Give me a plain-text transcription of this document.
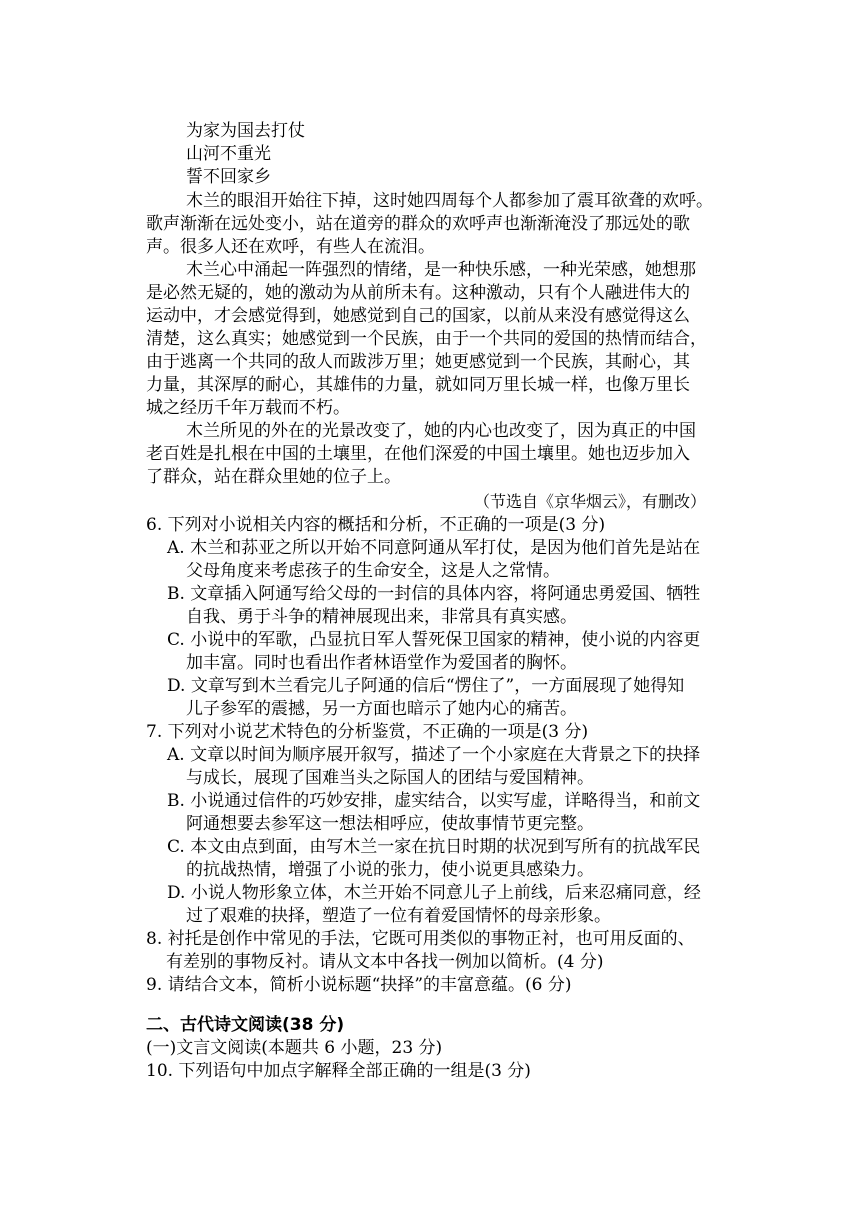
为家为国去打仗
山河不重光
誓不回家乡
木兰的眼泪开始往下掉，这时她四周每个人都参加了震耳欲聋的欢呼。
歌声渐渐在远处变小，站在道旁的群众的欢呼声也渐渐淹没了那远处的歌
声。很多人还在欢呼，有些人在流泪。
木兰心中涌起一阵强烈的情绪，是一种快乐感，一种光荣感，她想那
是必然无疑的，她的激动为从前所未有。这种激动，只有个人融进伟大的
运动中，才会感觉得到，她感觉到自己的国家，以前从来没有感觉得这么
清楚，这么真实；她感觉到一个民族，由于一个共同的爱国的热情而结合，
由于逃离一个共同的敌人而跋涉万里；她更感觉到一个民族，其耐心，其
力量，其深厚的耐心，其雄伟的力量，就如同万里长城一样，也像万里长
城之经历千年万载而不朽。
木兰所见的外在的光景改变了，她的内心也改变了，因为真正的中国
老百姓是扎根在中国的土壤里，在他们深爱的中国土壤里。她也迈步加入
了群众，站在群众里她的位子上。
（节选自《京华烟云》，有删改）
6. 下列对小说相关内容的概括和分析，不正确的一项是(3 分)
A. 木兰和荪亚之所以开始不同意阿通从军打仗，是因为他们首先是站在
父母角度来考虑孩子的生命安全，这是人之常情。
B. 文章插入阿通写给父母的一封信的具体内容，将阿通忠勇爱国、牺牲
自我、勇于斗争的精神展现出来，非常具有真实感。
C. 小说中的军歌，凸显抗日军人誓死保卫国家的精神，使小说的内容更
加丰富。同时也看出作者林语堂作为爱国者的胸怀。
D. 文章写到木兰看完儿子阿通的信后“愣住了”，一方面展现了她得知
儿子参军的震撼，另一方面也暗示了她内心的痛苦。
7. 下列对小说艺术特色的分析鉴赏，不正确的一项是(3 分)
A. 文章以时间为顺序展开叙写，描述了一个小家庭在大背景之下的抉择
与成长，展现了国难当头之际国人的团结与爱国精神。
B. 小说通过信件的巧妙安排，虚实结合，以实写虚，详略得当，和前文
阿通想要去参军这一想法相呼应，使故事情节更完整。
C. 本文由点到面，由写木兰一家在抗日时期的状况到写所有的抗战军民
的抗战热情，增强了小说的张力，使小说更具感染力。
D. 小说人物形象立体，木兰开始不同意儿子上前线，后来忍痛同意，经
过了艰难的抉择，塑造了一位有着爱国情怀的母亲形象。
8. 衬托是创作中常见的手法，它既可用类似的事物正衬，也可用反面的、
有差别的事物反衬。请从文本中各找一例加以简析。(4 分)
9. 请结合文本，简析小说标题“抉择”的丰富意蕴。(6 分)
二、古代诗文阅读(38 分)
(一)文言文阅读(本题共 6 小题，23 分)
10. 下列语句中加点字解释全部正确的一组是(3 分)
